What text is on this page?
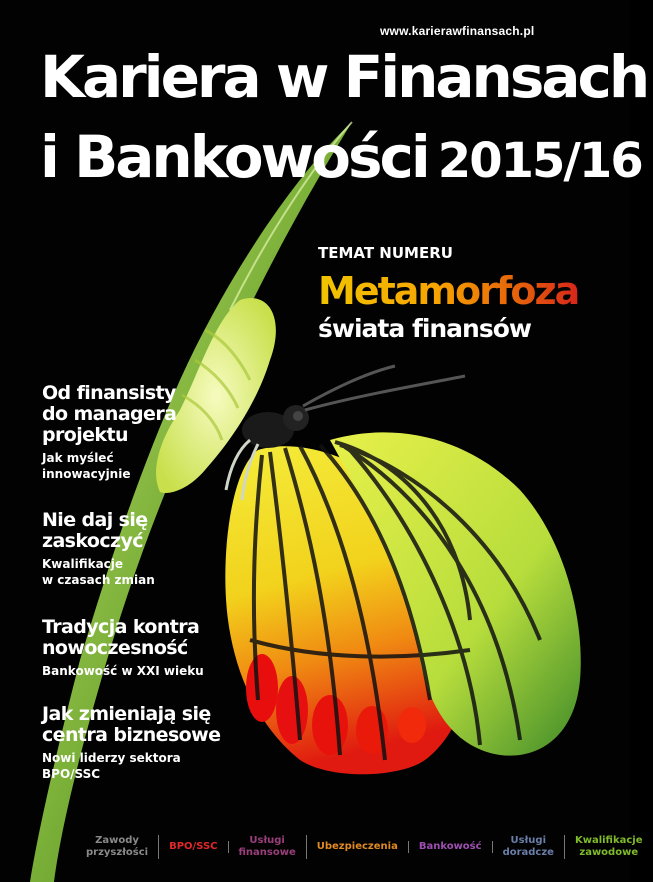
www.karierawfinansach.pl
Kariera w Finansach
i Bankowości 2015/16
TEMAT NUMERU
Metamorfoza
świata finansów
Od finansisty
do managera
projektu
Jak myśleć
innowacyjnie
Nie daj się
zaskoczyć
Kwalifikacje
w czasach zmian
Tradycja kontra
nowoczesność
Bankowość w XXI wieku
Jak zmieniają się
centra biznesowe
Nowi liderzy sektora
BPO/SSC
Zawody
przyszłości
BPO/SSC
Usługi
finansowe
Ubezpieczenia	Bankowość
Usługi
doradcze
Kwalifikacje
zawodowe
